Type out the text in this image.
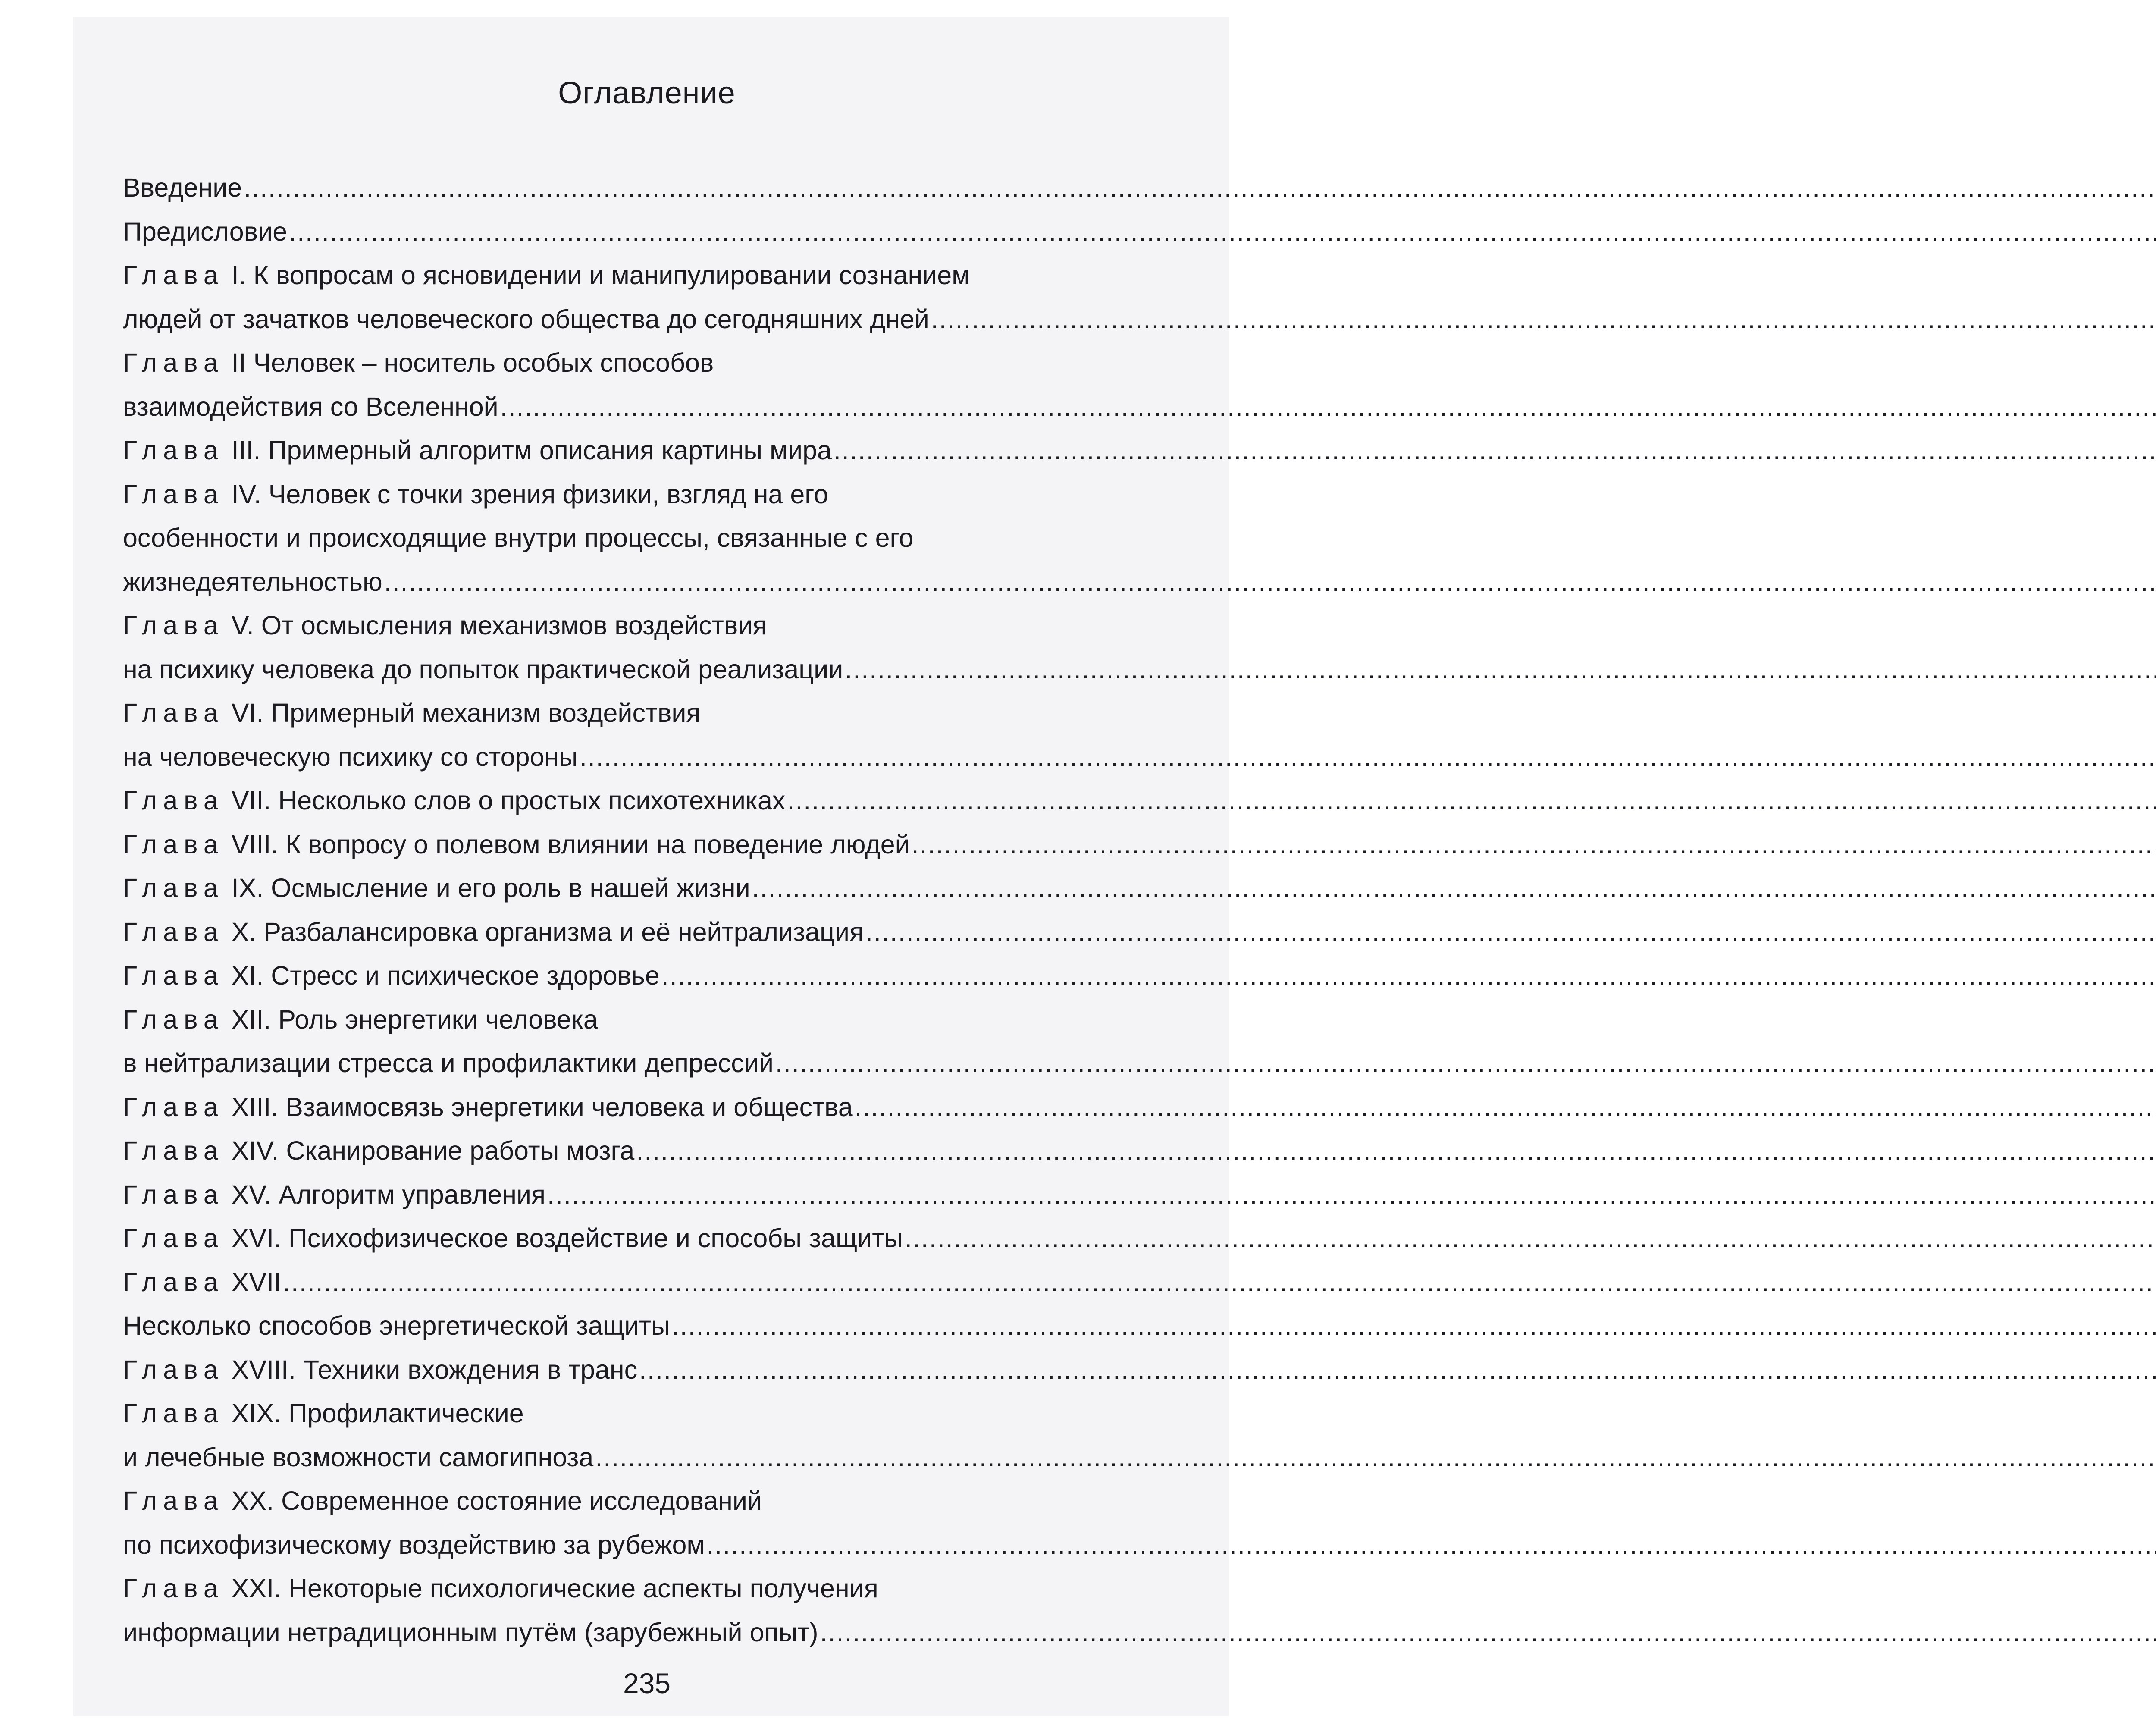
Оглавление
Введение
.....
Предисловие
.....
Глава I. К вопросам о ясновидении и манипулировании сознанием
людей от зачатков человеческого общества до сегодняшних дней
.....
Глава II Человек – носитель особых способов
взаимодействия со Вселенной
.....
Глава III. Примерный алгоритм описания картины мира
.....
Глава IV. Человек с точки зрения физики, взгляд на его
особенности и происходящие внутри процессы, связанные с его
жизнедеятельностью
.....
Глава V. От осмысления механизмов воздействия
на психику человека до попыток практической реализации
.....
Глава VI. Примерный механизм воздействия
на человеческую психику со стороны
.....
Глава VII. Несколько слов о простых психотехниках
.....
Глава VIII. К вопросу о полевом влиянии на поведение людей
.....
Глава IX. Осмысление и его роль в нашей жизни
.....
Глава X. Разбалансировка организма и её нейтрализация
.....
Глава XI. Стресс и психическое здоровье
.....
Глава XII. Роль энергетики человека
в нейтрализации стресса и профилактики депрессий
.....
Глава XIII. Взаимосвязь энергетики человека и общества
.....
Глава XIV. Сканирование работы мозга
.....
Глава XV. Алгоритм управления
.....
Глава XVI. Психофизическое воздействие и способы защиты
.....
Глава XVII
.....
Несколько способов энергетической защиты
.....
Глава XVIII. Техники вхождения в транс
.....
Глава XIX. Профилактические
и лечебные возможности самогипноза
.....
Глава XX. Современное состояние исследований
по психофизическому воздействию за рубежом
.....
Глава XXI. Некоторые психологические аспекты получения
информации нетрадиционным путём (зарубежный опыт)
.....
235
